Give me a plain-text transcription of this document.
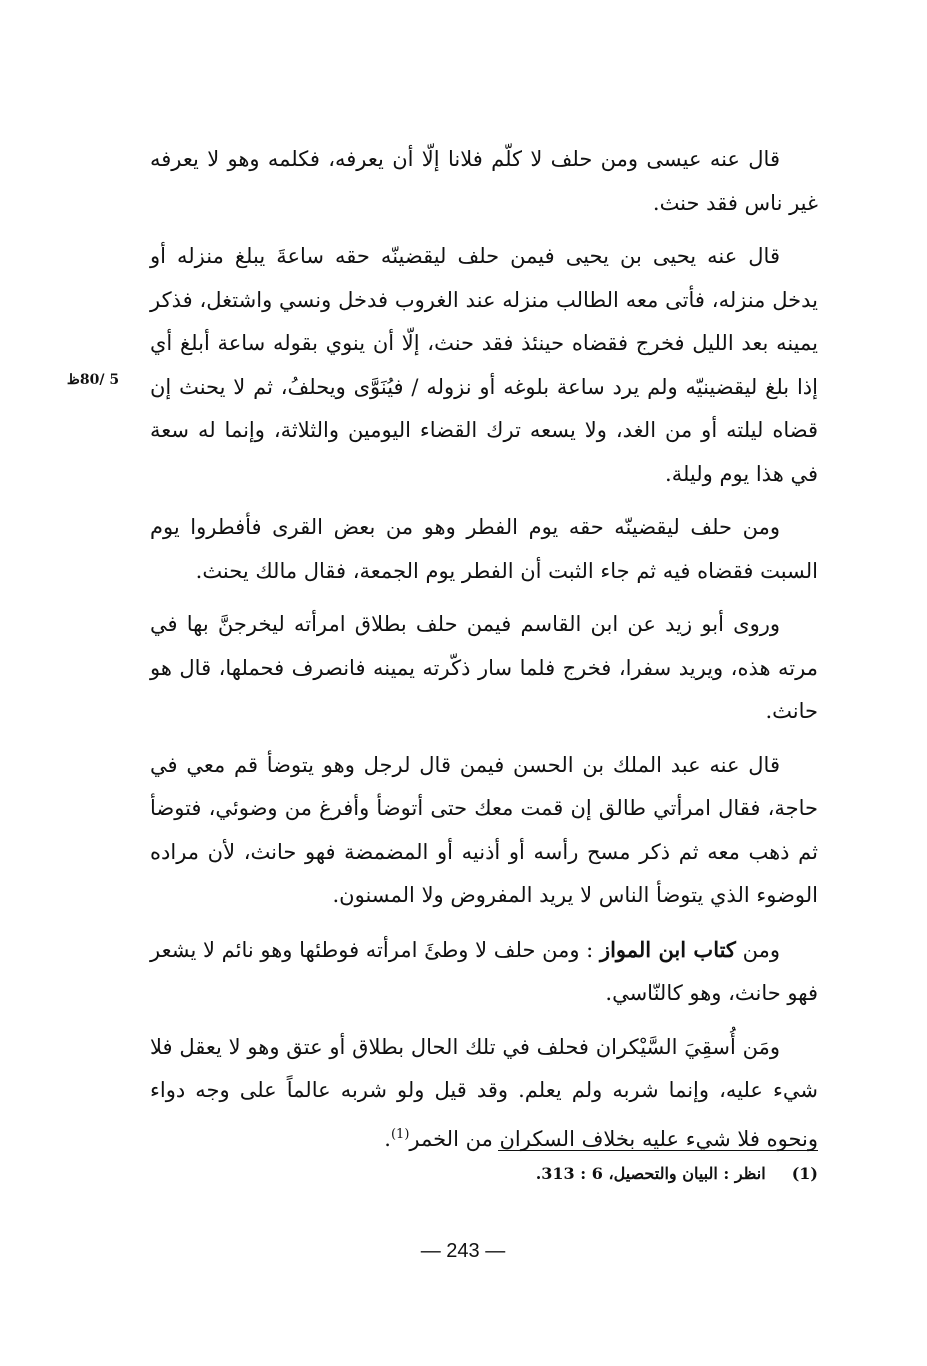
قال عنه عيسى ومن حلف لا كلّم فلانا إلّا أن يعرفه، فكلمه وهو لا يعرفه غير ناس فقد حنث.

قال عنه يحيى بن يحيى فيمن حلف ليقضينّه حقه ساعةَ يبلغ منزله أو يدخل منزله، فأتى معه الطالب منزله عند الغروب فدخل ونسي واشتغل، فذكر يمينه بعد الليل فخرج فقضاه حينئذ فقد حنث، إلّا أن ينوي بقوله ساعة أبلغ أي إذا بلغ ليقضينيّه ولم يرد ساعة بلوغه أو نزوله / فيُنَوَّى ويحلفُ، ثم لا يحنث إن قضاه ليلته أو من الغد، ولا يسعه ترك القضاء اليومين والثلاثة، وإنما له سعة في هذا يوم وليلة.

ومن حلف ليقضينّه حقه يوم الفطر وهو من بعض القرى فأفطروا يوم السبت فقضاه فيه ثم جاء الثبت أن الفطر يوم الجمعة، فقال مالك يحنث.

وروى أبو زيد عن ابن القاسم فيمن حلف بطلاق امرأته ليخرجنَّ بها في مرته هذه، ويريد سفرا، فخرج فلما سار ذكّرته يمينه فانصرف فحملها، قال هو حانث.

قال عنه عبد الملك بن الحسن فيمن قال لرجل وهو يتوضأ قم معي في حاجة، فقال امرأتي طالق إن قمت معك حتى أتوضأ وأفرغ من وضوئي، فتوضأ ثم ذهب معه ثم ذكر مسح رأسه أو أذنيه أو المضمضة فهو حانث، لأن مراده الوضوء الذي يتوضأ الناس لا يريد المفروض ولا المسنون.

ومن كتاب ابن المواز : ومن حلف لا وطئَ امرأته فوطئها وهو نائم لا يشعر فهو حانث، وهو كالنّاسي.

ومَن أُسقِيَ السَّيْكران فحلف في تلك الحال بطلاق أو عتق وهو لا يعقل فلا شيء عليه، وإنما شربه ولم يعلم. وقد قيل ولو شربه عالماً على وجه دواء ونحوه فلا شيء عليه بخلاف السكران من الخمر$^{(1)}$.

5 /80ظ
(1)انظر : البيان والتحصيل، 6 : 313.
— 243 —
